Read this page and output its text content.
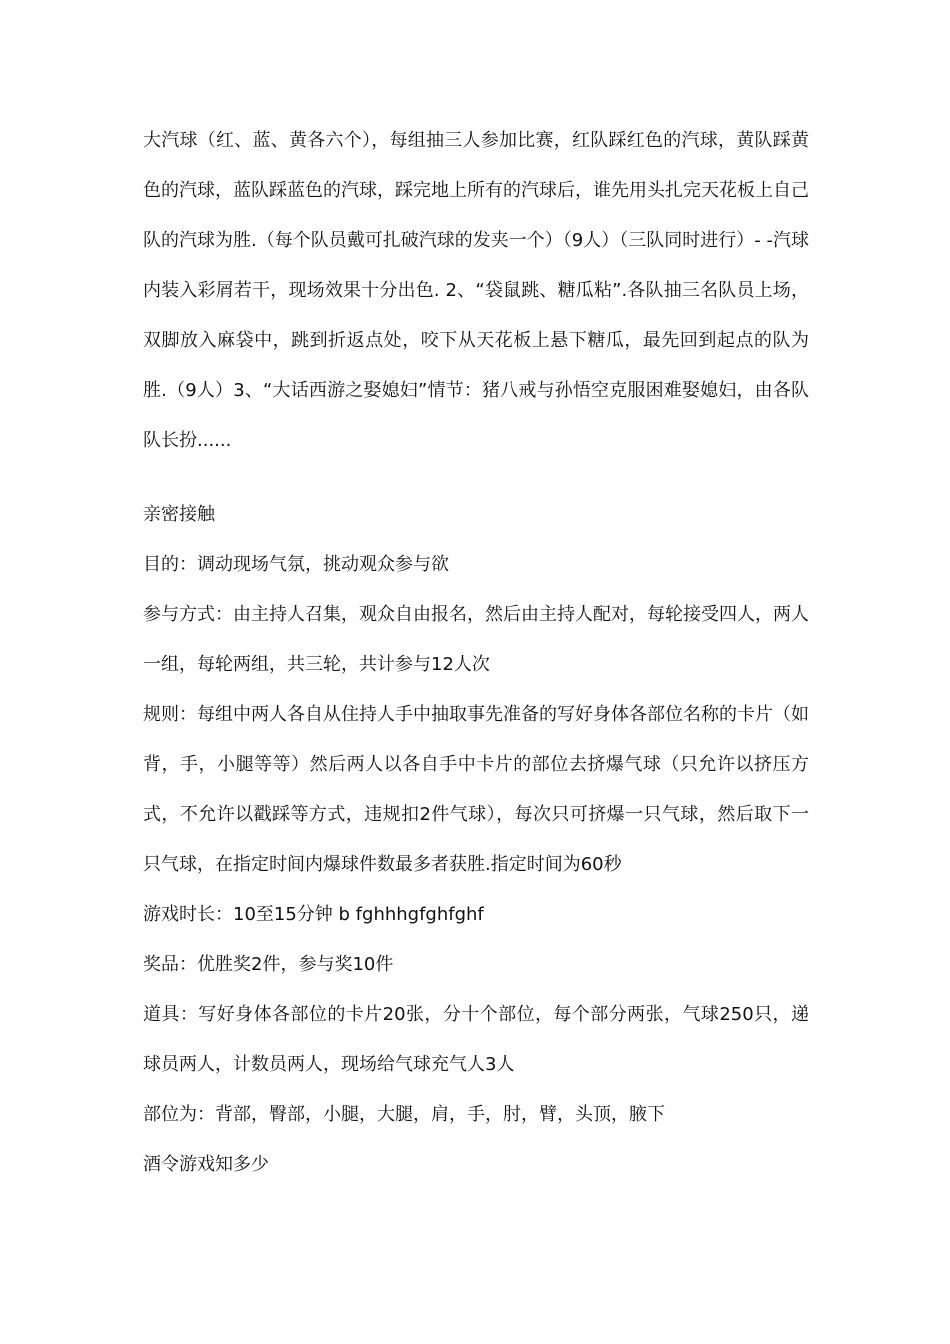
大汽球（红、蓝、黄各六个），每组抽三人参加比赛，红队踩红色的汽球，黄队踩黄色的汽球，蓝队踩蓝色的汽球，踩完地上所有的汽球后，谁先用头扎完天花板上自己队的汽球为胜.（每个队员戴可扎破汽球的发夹一个）（9人）（三队同时进行）- -汽球内装入彩屑若干，现场效果十分出色. 2、“袋鼠跳、糖瓜粘”.各队抽三名队员上场，双脚放入麻袋中，跳到折返点处，咬下从天花板上悬下糖瓜，最先回到起点的队为胜.（9人）3、“大话西游之娶媳妇”情节：猪八戒与孙悟空克服困难娶媳妇，由各队队长扮......

亲密接触

目的：调动现场气氛，挑动观众参与欲

参与方式：由主持人召集，观众自由报名，然后由主持人配对，每轮接受四人，两人一组，每轮两组，共三轮，共计参与12人次

规则：每组中两人各自从住持人手中抽取事先准备的写好身体各部位名称的卡片（如背，手，小腿等等）然后两人以各自手中卡片的部位去挤爆气球（只允许以挤压方式，不允许以戳踩等方式，违规扣2件气球），每次只可挤爆一只气球，然后取下一只气球，在指定时间内爆球件数最多者获胜.指定时间为60秒

游戏时长：10至15分钟 b fghhhgfghfghf

奖品：优胜奖2件，参与奖10件

道具：写好身体各部位的卡片20张，分十个部位，每个部分两张，气球250只，递球员两人，计数员两人，现场给气球充气人3人

部位为：背部，臀部，小腿，大腿，肩，手，肘，臂，头顶，腋下

酒令游戏知多少
